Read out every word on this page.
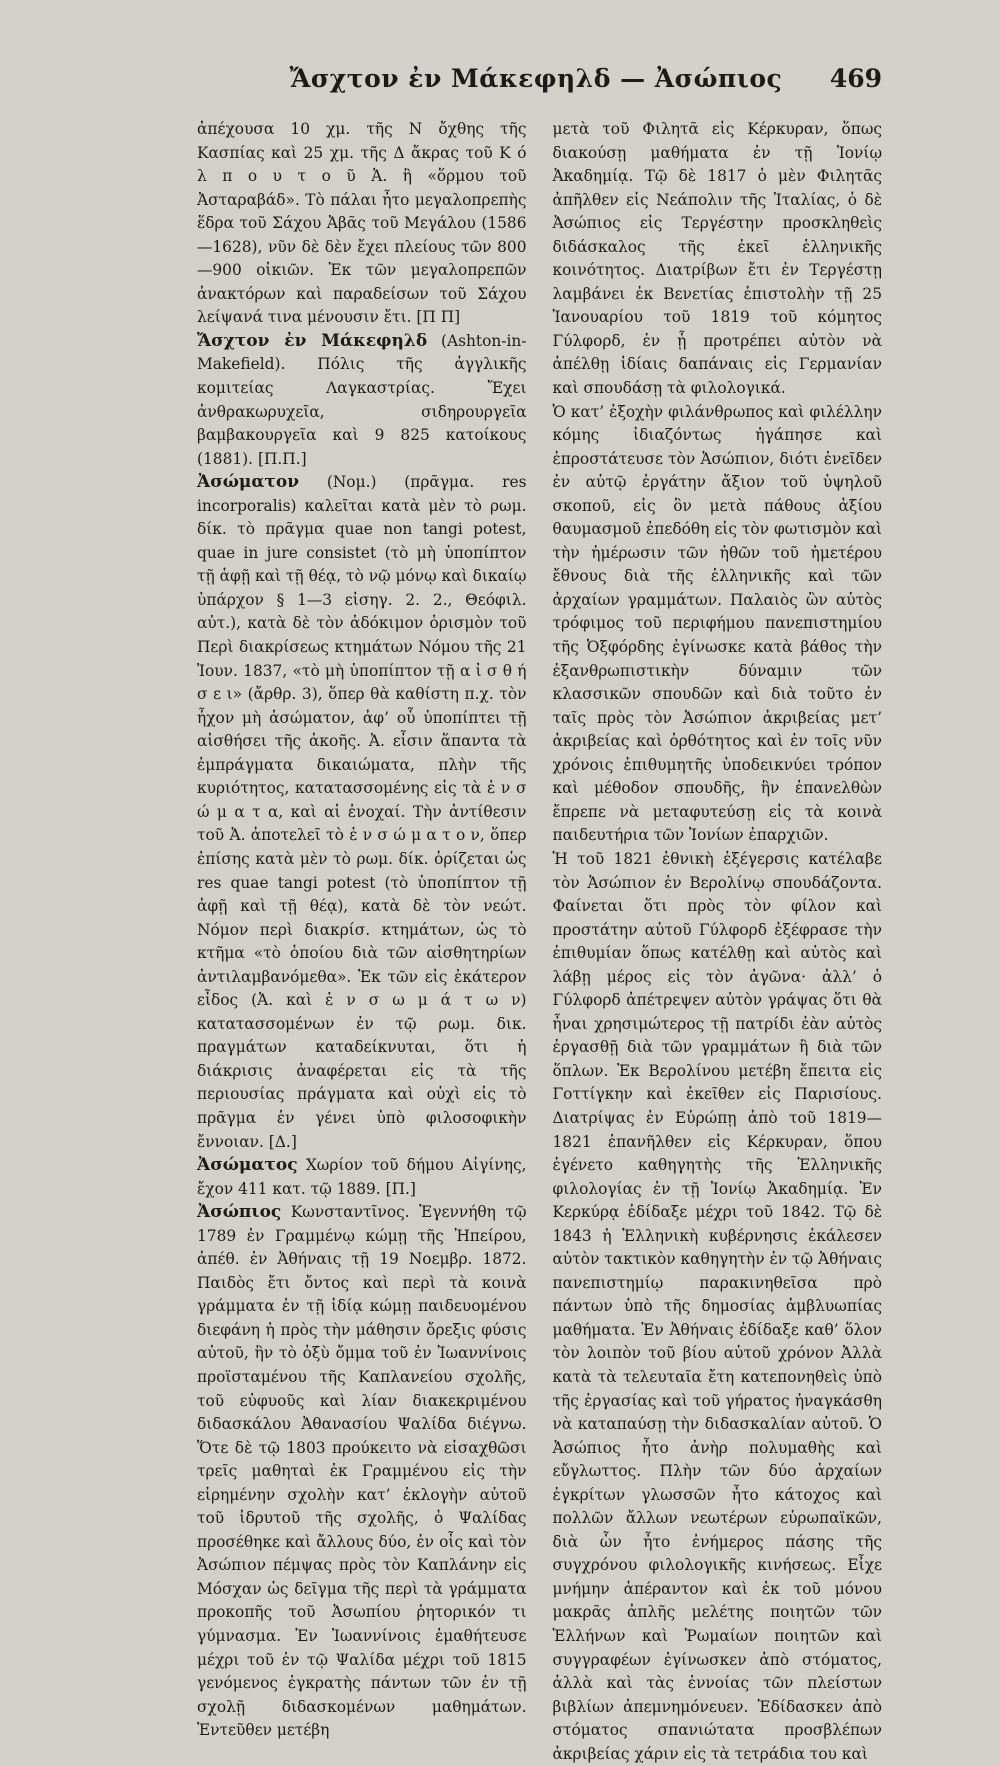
Ἄσχτον ἐν Μάκεφηλδ — Ἀσώπιος	469

ἀπέχουσα 10 χμ. τῆς Ν ὄχθης τῆς Κασπίας καὶ 25 χμ. τῆς Δ ἄκρας τοῦ Κ ό λ π ο υ τ ο ῦ Ἀ. ἢ «ὅρμου τοῦ Ἀσταραβάδ». Τὸ πάλαι ἦτο μεγαλοπρεπὴς ἕδρα τοῦ Σάχου Ἀβᾶς τοῦ Μεγάλου (1586—1628), νῦν δὲ δὲν ἔχει πλείους τῶν 800—900 οἰκιῶν. Ἐκ τῶν μεγαλοπρεπῶν ἀνακτόρων καὶ παραδείσων τοῦ Σάχου λείψανά τινα μένουσιν ἔτι. [Π Π]

Ἄσχτον ἐν Μάκεφηλδ (Ashton-in-Makefield). Πόλις τῆς ἀγγλικῆς κομιτείας Λαγκαστρίας. Ἔχει ἀνθρακωρυχεῖα, σιδηρουργεῖα βαμβακουργεῖα καὶ 9 825 κατοίκους (1881). [Π.Π.]

Ἀσώματον (Νομ.) (πρᾶγμα. res incorporalis) καλεῖται κατὰ μὲν τὸ ρωμ. δίκ. τὸ πρᾶγμα quae non tangi potest, quae in jure consistet (τὸ μὴ ὑποπίπτον τῇ ἁφῇ καὶ τῇ θέᾳ, τὸ νῷ μόνῳ καὶ δικαίῳ ὑπάρχον § 1—3 εἰσηγ. 2. 2., Θεόφιλ. αὐτ.), κατὰ δὲ τὸν ἀδόκιμον ὁρισμὸν τοῦ Περὶ διακρίσεως κτημάτων Νόμου τῆς 21 Ἰουν. 1837, «τὸ μὴ ὑποπίπτον τῇ α ἰ σ θ ή σ ε ι» (ἄρθρ. 3), ὅπερ θὰ καθίστη π.χ. τὸν ἦχον μὴ ἀσώματον, ἀφ’ οὗ ὑποπίπτει τῇ αἰσθήσει τῆς ἀκοῆς. Ἀ. εἶσιν ἅπαντα τὰ ἐμπράγματα δικαιώματα, πλὴν τῆς κυριότητος, κατατασσομένης εἰς τὰ ἐ ν σ ώ μ α τ α, καὶ αἱ ἐνοχαί. Τὴν ἀντίθεσιν τοῦ Ἀ. ἀποτελεῖ τὸ ἐ ν σ ώ μ α τ ο ν, ὅπερ ἐπίσης κατὰ μὲν τὸ ρωμ. δίκ. ὁρίζεται ὡς res quae tangi potest (τὸ ὑποπίπτον τῇ ἁφῇ καὶ τῇ θέᾳ), κατὰ δὲ τὸν νεώτ. Νόμον περὶ διακρίσ. κτημάτων, ὡς τὸ κτῆμα «τὸ ὁποίου διὰ τῶν αἰσθητηρίων ἀντιλαμβανόμεθα». Ἐκ τῶν εἰς ἑκάτερον εἶδος (Ἀ. καὶ ἐ ν σ ω μ ά τ ω ν) κατατασσομένων ἐν τῷ ρωμ. δικ. πραγμάτων καταδείκνυται, ὅτι ἡ διάκρισις ἀναφέρεται εἰς τὰ τῆς περιουσίας πράγματα καὶ οὐχὶ εἰς τὸ πρᾶγμα ἐν γένει ὑπὸ φιλοσοφικὴν ἔννοιαν. [Δ.]

Ἀσώματος Χωρίον τοῦ δήμου Αἰγίνης, ἔχον 411 κατ. τῷ 1889. [Π.]

Ἀσώπιος Κωνσταντῖνος. Ἐγεννήθη τῷ 1789 ἐν Γραμμένῳ κώμῃ τῆς Ἠπείρου, ἀπέθ. ἐν Ἀθήναις τῇ 19 Νοεμβρ. 1872. Παιδὸς ἔτι ὄντος καὶ περὶ τὰ κοινὰ γράμματα ἐν τῇ ἰδίᾳ κώμῃ παιδευομένου διεφάνη ἡ πρὸς τὴν μάθησιν ὄρεξις φύσις αὐτοῦ, ἣν τὸ ὀξὺ ὄμμα τοῦ ἐν Ἰωαννίνοις προϊσταμένου τῆς Καπλανείου σχολῆς, τοῦ εὐφυοῦς καὶ λίαν διακεκριμένου διδασκάλου Ἀθανασίου Ψαλίδα διέγνω. Ὅτε δὲ τῷ 1803 προύκειτο νὰ εἰσαχθῶσι τρεῖς μαθηταὶ ἐκ Γραμμένου εἰς τὴν εἰρημένην σχολὴν κατ’ ἐκλογὴν αὐτοῦ τοῦ ἰδρυτοῦ τῆς σχολῆς, ὁ Ψαλίδας προσέθηκε καὶ ἄλλους δύο, ἐν οἷς καὶ τὸν Ἀσώπιον πέμψας πρὸς τὸν Καπλάνην εἰς Μόσχαν ὡς δεῖγμα τῆς περὶ τὰ γράμματα προκοπῆς τοῦ Ἀσωπίου ῥητορικόν τι γύμνασμα. Ἐν Ἰωαννίνοις ἐμαθήτευσε μέχρι τοῦ ἐν τῷ Ψαλίδα μέχρι τοῦ 1815 γενόμενος ἐγκρατὴς πάντων τῶν ἐν τῇ σχολῇ διδασκομένων μαθημάτων. Ἐντεῦθεν μετέβη

μετὰ τοῦ Φιλητᾶ εἰς Κέρκυραν, ὅπως διακούσῃ μαθήματα ἐν τῇ Ἰονίῳ Ἀκαδημίᾳ. Τῷ δὲ 1817 ὁ μὲν Φιλητᾶς ἀπῆλθεν εἰς Νεάπολιν τῆς Ἰταλίας, ὁ δὲ Ἀσώπιος εἰς Τεργέστην προσκληθεὶς διδάσκαλος τῆς ἐκεῖ ἑλληνικῆς κοινότητος. Διατρίβων ἔτι ἐν Τεργέστῃ λαμβάνει ἐκ Βενετίας ἐπιστολὴν τῇ 25 Ἰανουαρίου τοῦ 1819 τοῦ κόμητος Γύλφορδ, ἐν ᾗ προτρέπει αὐτὸν νὰ ἀπέλθῃ ἰδίαις δαπάναις εἰς Γερμανίαν καὶ σπουδάσῃ τὰ φιλολογικά.

Ὁ κατ’ ἐξοχὴν φιλάνθρωπος καὶ φιλέλλην κόμης ἰδιαζόντως ἠγάπησε καὶ ἐπροστάτευσε τὸν Ἀσώπιον, διότι ἐνεῖδεν ἐν αὐτῷ ἐργάτην ἄξιον τοῦ ὑψηλοῦ σκοποῦ, εἰς ὃν μετὰ πάθους ἀξίου θαυμασμοῦ ἐπεδόθη εἰς τὸν φωτισμὸν καὶ τὴν ἡμέρωσιν τῶν ἠθῶν τοῦ ἡμετέρου ἔθνους διὰ τῆς ἑλληνικῆς καὶ τῶν ἀρχαίων γραμμάτων. Παλαιὸς ὢν αὐτὸς τρόφιμος τοῦ περιφήμου πανεπιστημίου τῆς Ὀξφόρδης ἐγίνωσκε κατὰ βάθος τὴν ἐξανθρωπιστικὴν δύναμιν τῶν κλασσικῶν σπουδῶν καὶ διὰ τοῦτο ἐν ταῖς πρὸς τὸν Ἀσώπιον ἀκριβείας μετ’ ἀκριβείας καὶ ὀρθότητος καὶ ἐν τοῖς νῦν χρόνοις ἐπιθυμητῆς ὑποδεικνύει τρόπον καὶ μέθοδον σπουδῆς, ἣν ἐπανελθὼν ἔπρεπε νὰ μεταφυτεύσῃ εἰς τὰ κοινὰ παιδευτήρια τῶν Ἰονίων ἐπαρχιῶν.

Ἡ τοῦ 1821 ἐθνικὴ ἐξέγερσις κατέλαβε τὸν Ἀσώπιον ἐν Βερολίνῳ σπουδάζοντα. Φαίνεται ὅτι πρὸς τὸν φίλον καὶ προστάτην αὐτοῦ Γύλφορδ ἐξέφρασε τὴν ἐπιθυμίαν ὅπως κατέλθῃ καὶ αὐτὸς καὶ λάβῃ μέρος εἰς τὸν ἀγῶνα· ἀλλ’ ὁ Γύλφορδ ἀπέτρεψεν αὐτὸν γράψας ὅτι θὰ ἦναι χρησιμώτερος τῇ πατρίδι ἐὰν αὐτὸς ἐργασθῇ διὰ τῶν γραμμάτων ἢ διὰ τῶν ὅπλων. Ἐκ Βερολίνου μετέβη ἔπειτα εἰς Γοττίγκην καὶ ἐκεῖθεν εἰς Παρισίους. Διατρίψας ἐν Εὐρώπῃ ἀπὸ τοῦ 1819—1821 ἐπανῆλθεν εἰς Κέρκυραν, ὅπου ἐγένετο καθηγητὴς τῆς Ἑλληνικῆς φιλολογίας ἐν τῇ Ἰονίῳ Ἀκαδημίᾳ. Ἐν Κερκύρᾳ ἐδίδαξε μέχρι τοῦ 1842. Τῷ δὲ 1843 ἡ Ἑλληνικὴ κυβέρνησις ἐκάλεσεν αὐτὸν τακτικὸν καθηγητὴν ἐν τῷ Ἀθήναις πανεπιστημίῳ παρακινηθεῖσα πρὸ πάντων ὑπὸ τῆς δημοσίας ἀμβλυωπίας μαθήματα. Ἐν Ἀθήναις ἐδίδαξε καθ’ ὅλον τὸν λοιπὸν τοῦ βίου αὐτοῦ χρόνον Ἀλλὰ κατὰ τὰ τελευταῖα ἔτη κατεπονηθεὶς ὑπὸ τῆς ἐργασίας καὶ τοῦ γήρατος ἠναγκάσθη νὰ καταπαύσῃ τὴν διδασκαλίαν αὐτοῦ. Ὁ Ἀσώπιος ἦτο ἀνὴρ πολυμαθὴς καὶ εὔγλωττος. Πλὴν τῶν δύο ἀρχαίων ἐγκρίτων γλωσσῶν ἦτο κάτοχος καὶ πολλῶν ἄλλων νεωτέρων εὐρωπαϊκῶν, διὰ ὧν ἦτο ἐνήμερος πάσης τῆς συγχρόνου φιλολογικῆς κινήσεως. Εἶχε μνήμην ἀπέραντον καὶ ἐκ τοῦ μόνου μακρᾶς ἀπλῆς μελέτης ποιητῶν τῶν Ἑλλήνων καὶ Ῥωμαίων ποιητῶν καὶ συγγραφέων ἐγίνωσκεν ἀπὸ στόματος, ἀλλὰ καὶ τὰς ἐννοίας τῶν πλείστων βιβλίων ἀπεμνημόνευεν. Ἐδίδασκεν ἀπὸ στόματος σπανιώτατα προσβλέπων ἀκριβείας χάριν εἰς τὰ τετράδια του καὶ
